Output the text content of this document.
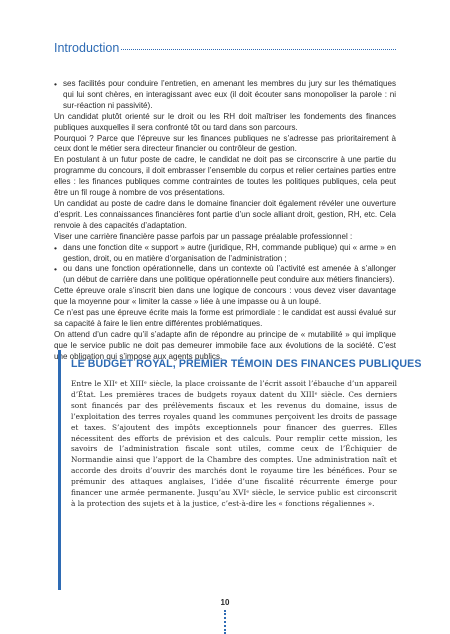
Introduction

• ses facilités pour conduire l’entretien, en amenant les membres du jury sur les thématiques qui lui sont chères, en interagissant avec eux (il doit écouter sans monopoliser la parole : ni sur-réaction ni passivité).

Un candidat plutôt orienté sur le droit ou les RH doit maîtriser les fondements des finances publiques auxquelles il sera confronté tôt ou tard dans son parcours.

Pourquoi ? Parce que l’épreuve sur les finances publiques ne s’adresse pas prioritairement à ceux dont le métier sera directeur financier ou contrôleur de gestion.

En postulant à un futur poste de cadre, le candidat ne doit pas se circonscrire à une partie du programme du concours, il doit embrasser l’ensemble du corpus et relier certaines parties entre elles : les finances publiques comme contraintes de toutes les politiques publiques, cela peut être un fil rouge à nombre de vos présentations.

Un candidat au poste de cadre dans le domaine financier doit également révéler une ouverture d’esprit. Les connaissances financières font partie d’un socle alliant droit, gestion, RH, etc. Cela renvoie à des capacités d’adaptation.

Viser une carrière financière passe parfois par un passage préalable professionnel :

• dans une fonction dite « support » autre (juridique, RH, commande publique) qui « arme » en gestion, droit, ou en matière d’organisation de l’administration ;

• ou dans une fonction opérationnelle, dans un contexte où l’activité est amenée à s’allonger (un début de carrière dans une politique opérationnelle peut conduire aux métiers financiers).

Cette épreuve orale s’inscrit bien dans une logique de concours : vous devez viser davantage que la moyenne pour « limiter la casse » liée à une impasse ou à un loupé.

Ce n’est pas une épreuve écrite mais la forme est primordiale : le candidat est aussi évalué sur sa capacité à faire le lien entre différentes problématiques.

On attend d’un cadre qu’il s’adapte afin de répondre au principe de « mutabilité » qui implique que le service public ne doit pas demeurer immobile face aux évolutions de la société. C’est une obligation qui s’impose aux agents publics.

LE BUDGET ROYAL, PREMIER TÉMOIN DES FINANCES PUBLIQUES

Entre le XIIᵉ et XIIIᵉ siècle, la place croissante de l’écrit assoit l’ébauche d’un appareil d’État. Les premières traces de budgets royaux datent du XIIIᵉ siècle. Ces derniers sont financés par des prélèvements fiscaux et les revenus du domaine, issus de l’exploitation des terres royales quand les communes perçoivent les droits de passage et taxes. S’ajoutent des impôts exceptionnels pour financer des guerres. Elles nécessitent des efforts de prévision et des calculs. Pour remplir cette mission, les savoirs de l’administration fiscale sont utiles, comme ceux de l’Échiquier de Normandie ainsi que l’apport de la Chambre des comptes. Une administration naît et accorde des droits d’ouvrir des marchés dont le royaume tire les bénéfices. Pour se prémunir des attaques anglaises, l’idée d’une fiscalité récurrente émerge pour financer une armée permanente. Jusqu’au XVIᵉ siècle, le service public est circonscrit à la protection des sujets et à la justice, c’est-à-dire les « fonctions régaliennes ».

10
